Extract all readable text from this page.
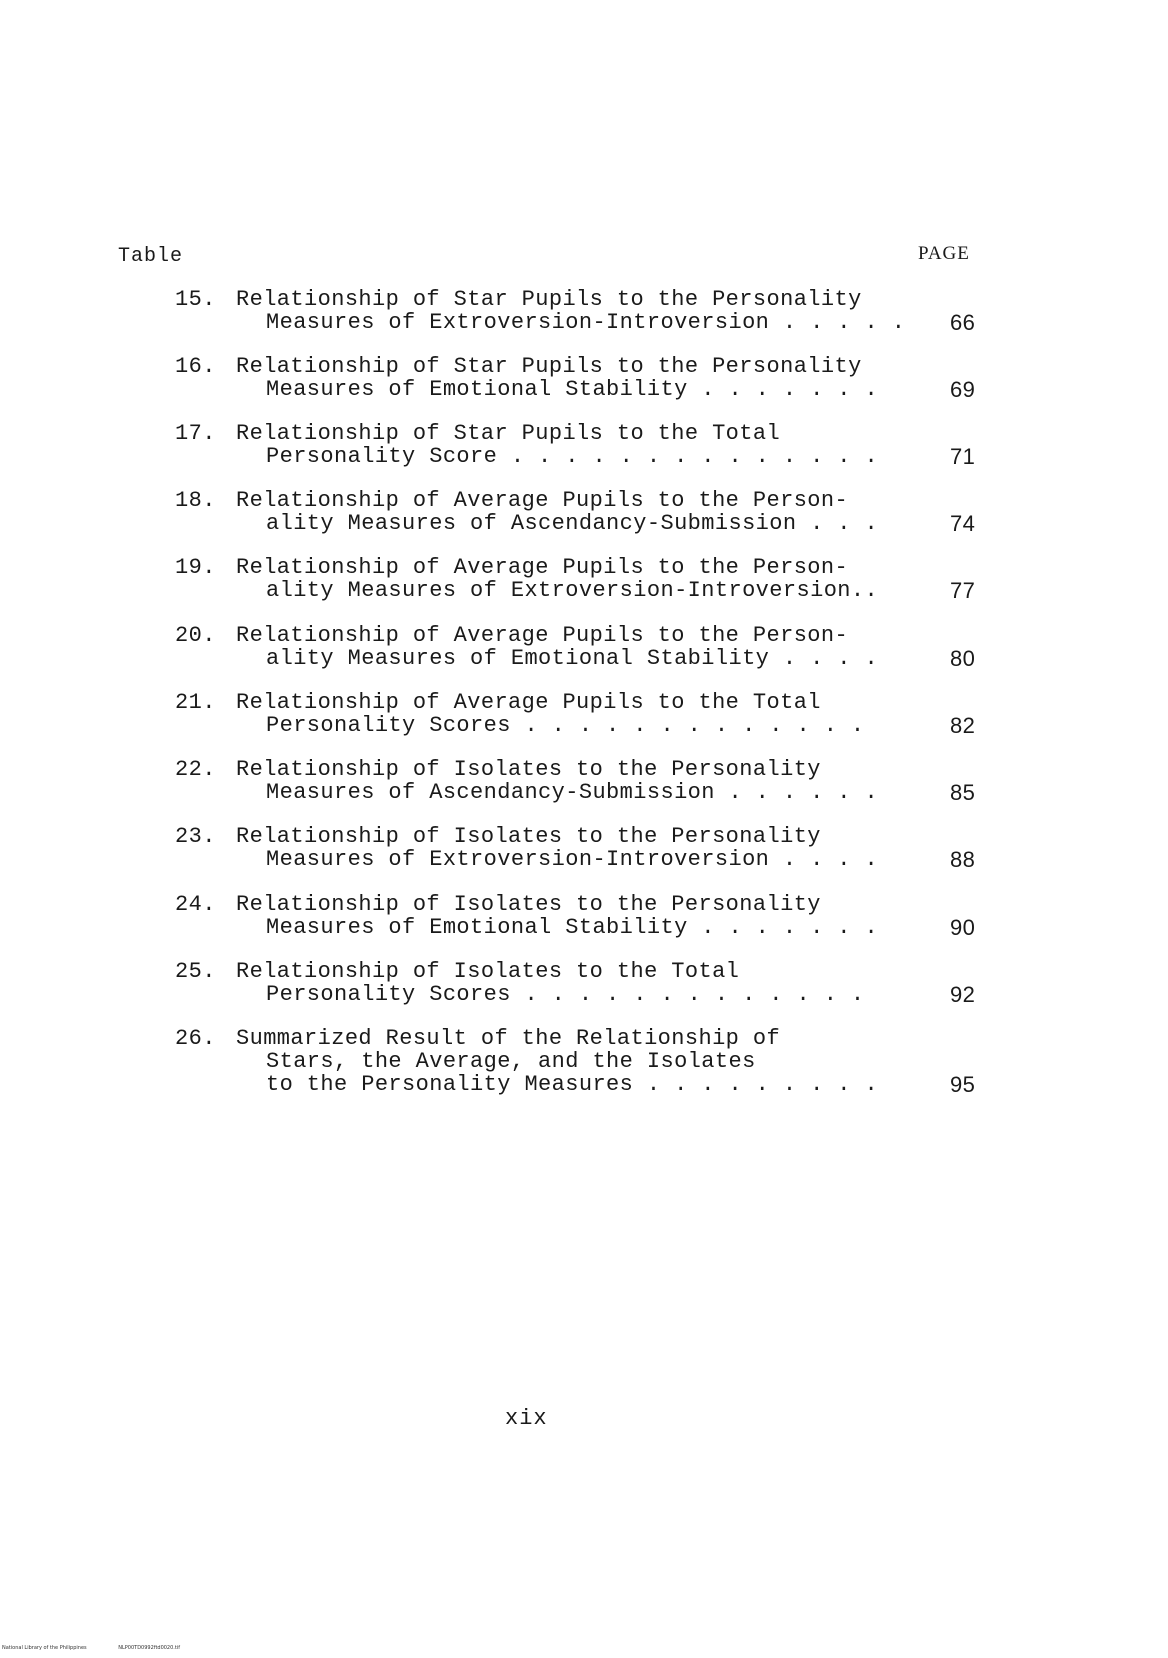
Table	PAGE
15. Relationship of Star Pupils to the Personality
Measures of Extroversion-Introversion . . . . . 66
16. Relationship of Star Pupils to the Personality
Measures of Emotional Stability . . . . . . .	69
17. Relationship of Star Pupils to the Total
Personality Score . . . . . . . . . . . . . .	71
18. Relationship of Average Pupils to the Person-
ality Measures of Ascendancy-Submission . . .	74
19. Relationship of Average Pupils to the Person-
ality Measures of Extroversion-Introversion..	77
20. Relationship of Average Pupils to the Person-
ality Measures of Emotional Stability . . . .	80
21. Relationship of Average Pupils to the Total
Personality Scores . . . . . . . . . . . . .	82
22. Relationship of Isolates to the Personality
Measures of Ascendancy-Submission . . . . . .	85
23. Relationship of Isolates to the Personality
Measures of Extroversion-Introversion . . . .	88
24. Relationship of Isolates to the Personality
Measures of Emotional Stability . . . . . . .	90
25. Relationship of Isolates to the Total
Personality Scores . . . . . . . . . . . . .	92
26. Summarized Result of the Relationship of
Stars, the Average, and the Isolates
to the Personality Measures . . . . . . . . .	95
xix
National Library of the Philippines	NLP00TD0992ftd0020.tif
